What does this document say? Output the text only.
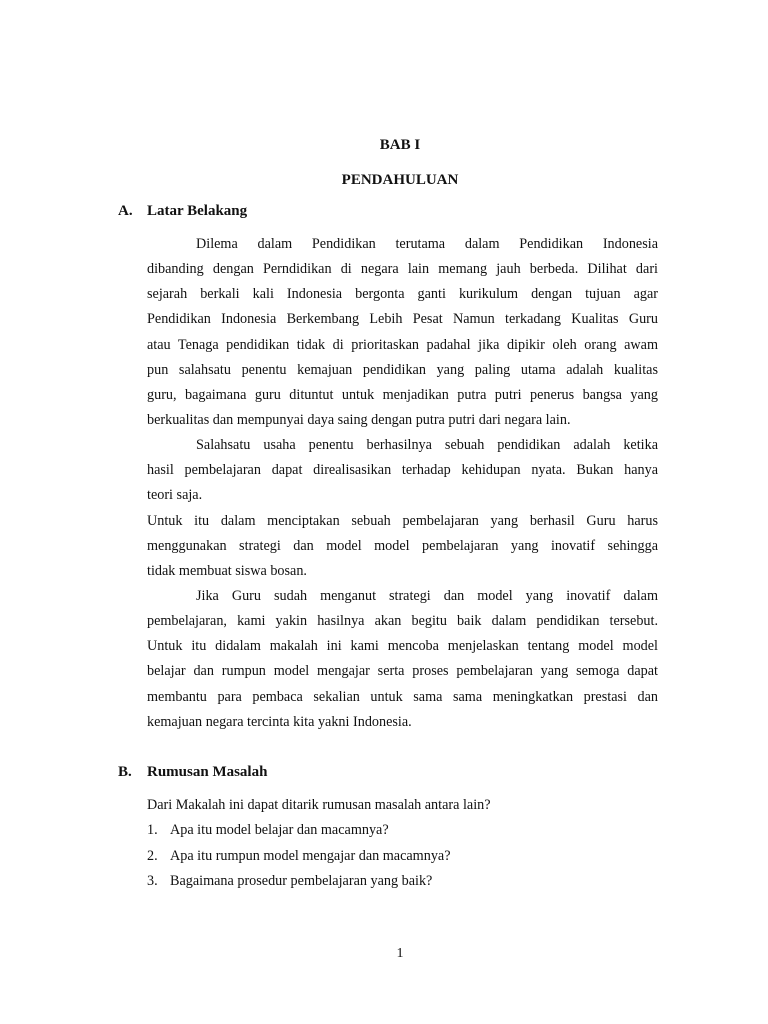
BAB I
PENDAHULUAN
A. Latar Belakang
Dilema dalam Pendidikan terutama dalam Pendidikan Indonesia
dibanding dengan Perndidikan di negara lain memang jauh berbeda. Dilihat dari
sejarah berkali kali Indonesia bergonta ganti kurikulum dengan tujuan agar
Pendidikan Indonesia Berkembang Lebih Pesat Namun terkadang Kualitas Guru
atau Tenaga pendidikan tidak di prioritaskan padahal jika dipikir oleh orang awam
pun salahsatu penentu kemajuan pendidikan yang paling utama adalah kualitas
guru, bagaimana guru dituntut untuk menjadikan putra putri penerus bangsa yang
berkualitas dan mempunyai daya saing dengan putra putri dari negara lain.
Salahsatu usaha penentu berhasilnya sebuah pendidikan adalah ketika
hasil pembelajaran dapat direalisasikan terhadap kehidupan nyata. Bukan hanya
teori saja.
Untuk itu dalam menciptakan sebuah pembelajaran yang berhasil Guru harus
menggunakan strategi dan model model pembelajaran yang inovatif sehingga
tidak membuat siswa bosan.
Jika Guru sudah menganut strategi dan model yang inovatif dalam
pembelajaran, kami yakin hasilnya akan begitu baik dalam pendidikan tersebut.
Untuk itu didalam makalah ini kami mencoba menjelaskan tentang model model
belajar dan rumpun model mengajar serta proses pembelajaran yang semoga dapat
membantu para pembaca sekalian untuk sama sama meningkatkan prestasi dan
kemajuan negara tercinta kita yakni Indonesia.
B. Rumusan Masalah
Dari Makalah ini dapat ditarik rumusan masalah antara lain?
1. Apa itu model belajar dan macamnya?
2. Apa itu rumpun model mengajar dan macamnya?
3. Bagaimana prosedur pembelajaran yang baik?
1
